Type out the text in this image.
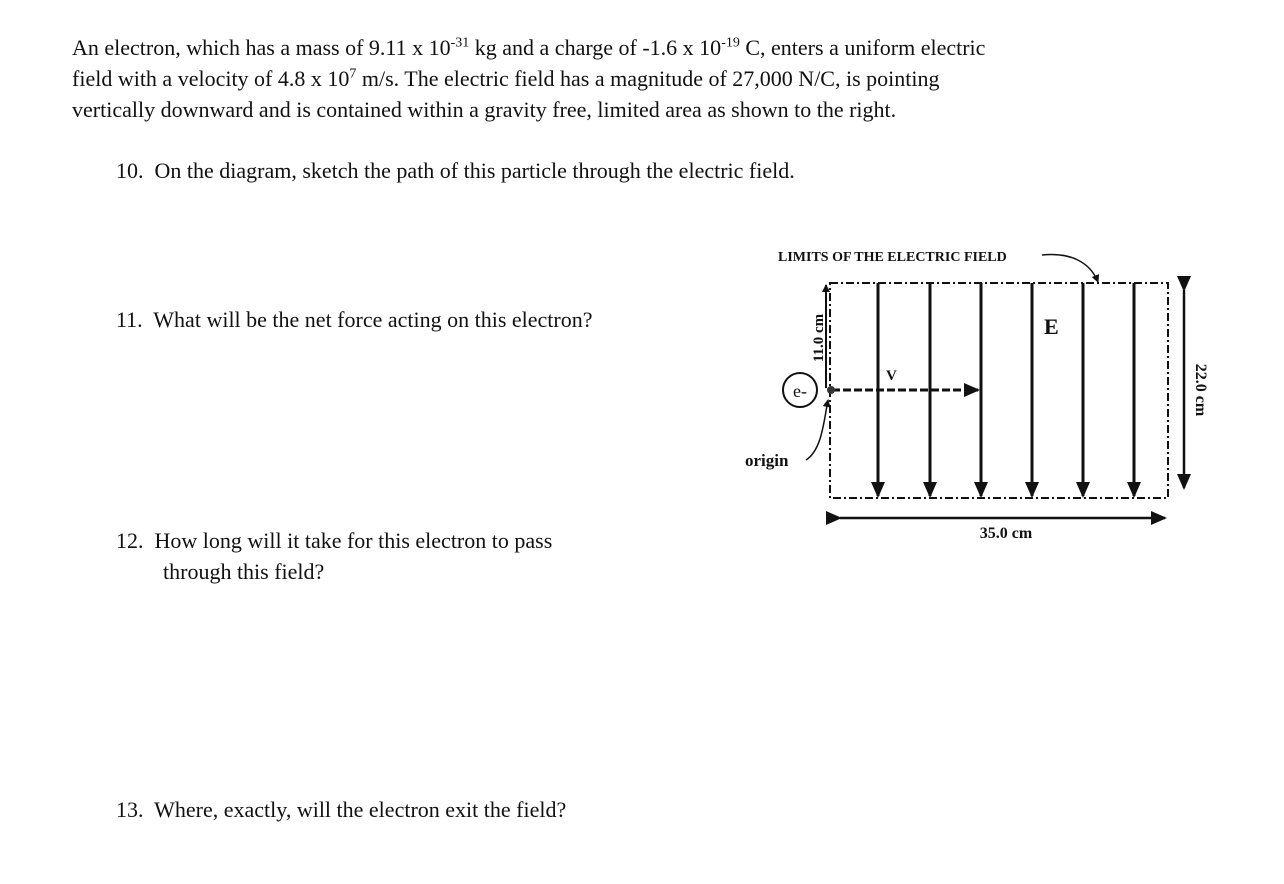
An electron, which has a mass of 9.11 x $10^{-31}$ kg and a charge of -1.6 x $10^{-19}$ C, enters a uniform electric
field with a velocity of 4.8 x $10^7$ m/s. The electric field has a magnitude of 27,000 N/C, is pointing
vertically downward and is contained within a gravity free, limited area as shown to the right.
10. On the diagram, sketch the path of this particle through the electric field.
11. What will be the net force acting on this electron?
12. How long will it take for this electron to pass
through this field?
13. Where, exactly, will the electron exit the field?
LIMITS OF THE ELECTRIC FIELD
E
V
e-
11.0 cm
origin
22.0 cm
35.0 cm
